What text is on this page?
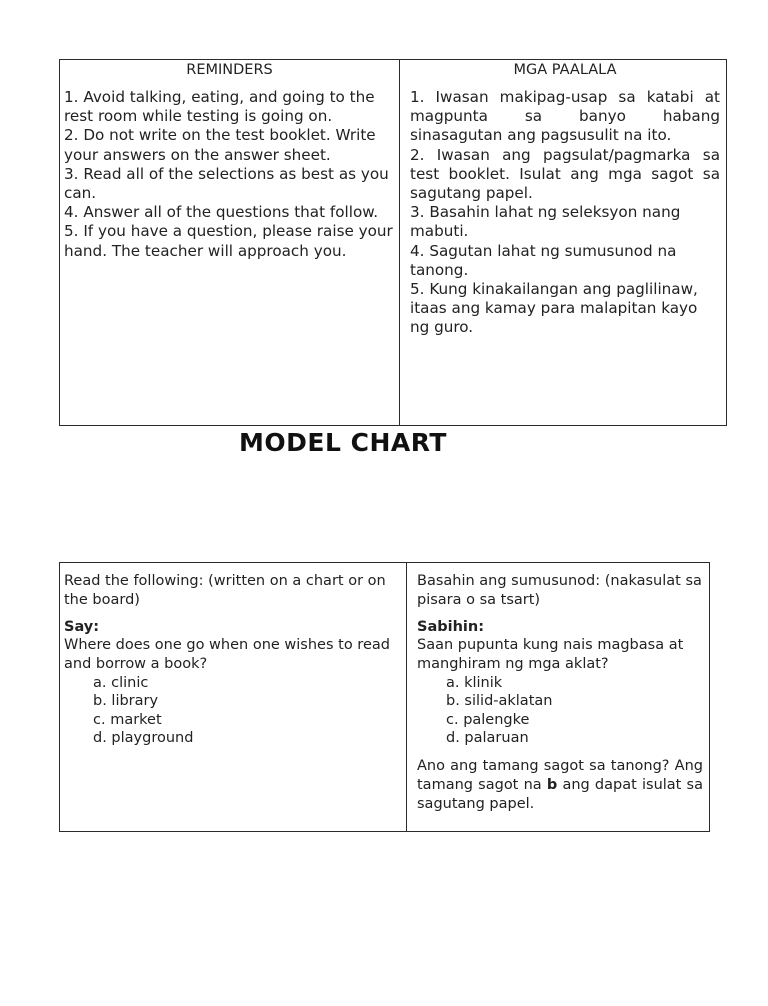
REMINDERS
1. Avoid talking, eating, and going to the rest room while testing is going on.
2. Do not write on the test booklet. Write your answers on the answer sheet.
3. Read all of the selections as best as you can.
4. Answer all of the questions that follow.
5. If you have a question, please raise your hand. The teacher will approach you.
MGA PAALALA
1. Iwasan makipag-usap sa katabi at magpunta sa banyo habang sinasagutan ang pagsusulit na ito.
2. Iwasan ang pagsulat/pagmarka sa test booklet. Isulat ang mga sagot sa sagutang papel.
3. Basahin lahat ng seleksyon nang mabuti.
4. Sagutan lahat ng sumusunod na tanong.
5. Kung kinakailangan ang paglilinaw, itaas ang kamay para malapitan kayo ng guro.
MODEL CHART

Read the following: (written on a chart or on the board)

Say:

Where does one go when one wishes to read and borrow a book?

a. clinic
b. library
c. market
d. playground

Basahin ang sumusunod: (nakasulat sa pisara o sa tsart)

Sabihin:

Saan pupunta kung nais magbasa at manghiram ng mga aklat?

a. klinik
b. silid-aklatan
c. palengke
d. palaruan

Ano ang tamang sagot sa tanong? Ang tamang sagot na b ang dapat isulat sa sagutang papel.
